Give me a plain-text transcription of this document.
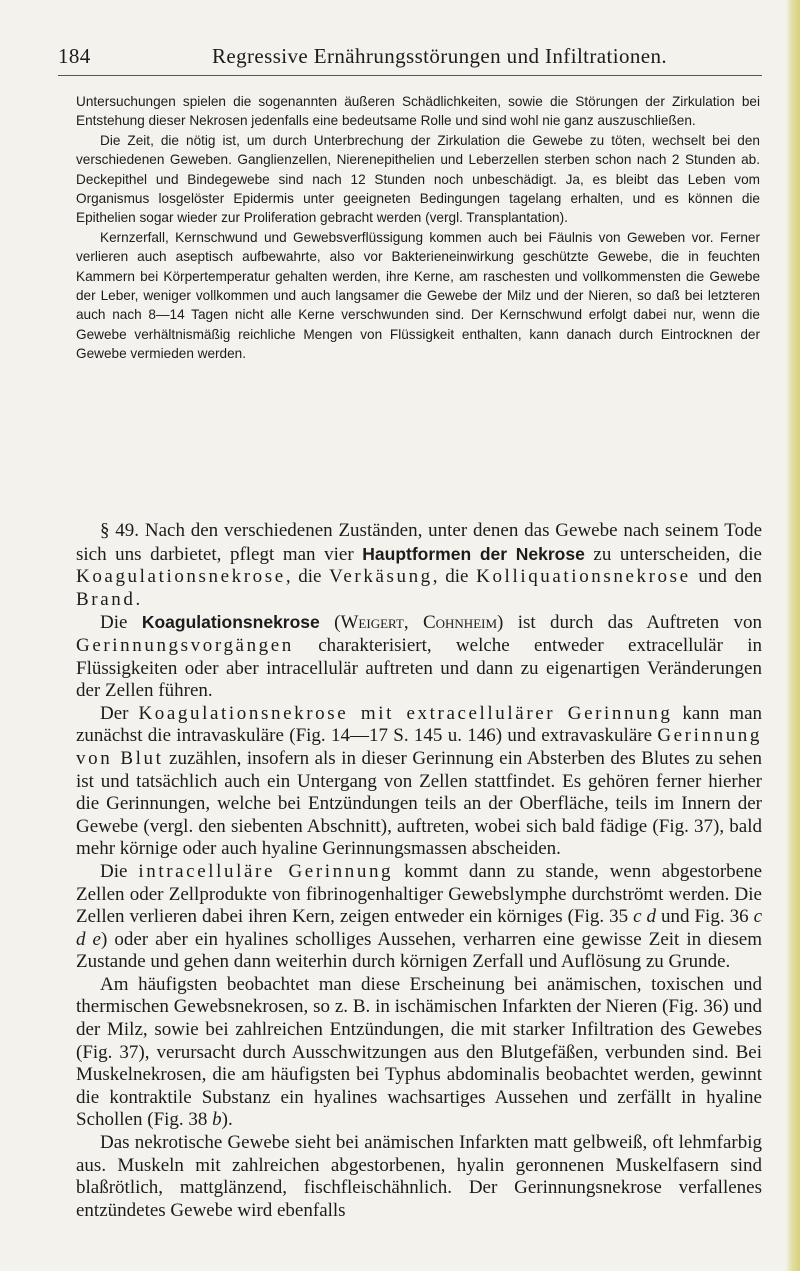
184	Regressive Ernährungsstörungen und Infiltrationen.

Untersuchungen spielen die sogenannten äußeren Schädlichkeiten, sowie die Störungen der Zirkulation bei Entstehung dieser Nekrosen jedenfalls eine bedeutsame Rolle und sind wohl nie ganz auszuschließen.

Die Zeit, die nötig ist, um durch Unterbrechung der Zirkulation die Gewebe zu töten, wechselt bei den verschiedenen Geweben. Ganglienzellen, Nierenepithelien und Leberzellen sterben schon nach 2 Stunden ab. Deckepithel und Bindegewebe sind nach 12 Stunden noch unbeschädigt. Ja, es bleibt das Leben vom Organismus losgelöster Epidermis unter geeigneten Bedingungen tagelang erhalten, und es können die Epithelien sogar wieder zur Proliferation gebracht werden (vergl. Transplantation).

Kernzerfall, Kernschwund und Gewebsverflüssigung kommen auch bei Fäulnis von Geweben vor. Ferner verlieren auch aseptisch aufbewahrte, also vor Bakterieneinwirkung geschützte Gewebe, die in feuchten Kammern bei Körpertemperatur gehalten werden, ihre Kerne, am raschesten und vollkommensten die Gewebe der Leber, weniger vollkommen und auch langsamer die Gewebe der Milz und der Nieren, so daß bei letzteren auch nach 8—14 Tagen nicht alle Kerne verschwunden sind. Der Kernschwund erfolgt dabei nur, wenn die Gewebe verhältnismäßig reichliche Mengen von Flüssigkeit enthalten, kann danach durch Eintrocknen der Gewebe vermieden werden.

§ 49. Nach den verschiedenen Zuständen, unter denen das Gewebe nach seinem Tode sich uns darbietet, pflegt man vier Hauptformen der Nekrose zu unterscheiden, die Koagulationsnekrose, die Verkäsung, die Kolliquationsnekrose und den Brand.

Die Koagulationsnekrose (Weigert, Cohnheim) ist durch das Auftreten von Gerinnungsvorgängen charakterisiert, welche entweder extracellulär in Flüssigkeiten oder aber intracellulär auftreten und dann zu eigenartigen Veränderungen der Zellen führen.

Der Koagulationsnekrose mit extracellulärer Gerinnung kann man zunächst die intravaskuläre (Fig. 14—17 S. 145 u. 146) und extravaskuläre Gerinnung von Blut zuzählen, insofern als in dieser Gerinnung ein Absterben des Blutes zu sehen ist und tatsächlich auch ein Untergang von Zellen stattfindet. Es gehören ferner hierher die Gerinnungen, welche bei Entzündungen teils an der Oberfläche, teils im Innern der Gewebe (vergl. den siebenten Abschnitt), auftreten, wobei sich bald fädige (Fig. 37), bald mehr körnige oder auch hyaline Gerinnungsmassen abscheiden.

Die intracelluläre Gerinnung kommt dann zu stande, wenn abgestorbene Zellen oder Zellprodukte von fibrinogenhaltiger Gewebslymphe durchströmt werden. Die Zellen verlieren dabei ihren Kern, zeigen entweder ein körniges (Fig. 35 c d und Fig. 36 c d e) oder aber ein hyalines scholliges Aussehen, verharren eine gewisse Zeit in diesem Zustande und gehen dann weiterhin durch körnigen Zerfall und Auflösung zu Grunde.

Am häufigsten beobachtet man diese Erscheinung bei anämischen, toxischen und thermischen Gewebsnekrosen, so z. B. in ischämischen Infarkten der Nieren (Fig. 36) und der Milz, sowie bei zahlreichen Entzündungen, die mit starker Infiltration des Gewebes (Fig. 37), verursacht durch Ausschwitzungen aus den Blutgefäßen, verbunden sind. Bei Muskelnekrosen, die am häufigsten bei Typhus abdominalis beobachtet werden, gewinnt die kontraktile Substanz ein hyalines wachsartiges Aussehen und zerfällt in hyaline Schollen (Fig. 38 b).

Das nekrotische Gewebe sieht bei anämischen Infarkten matt gelbweiß, oft lehmfarbig aus. Muskeln mit zahlreichen abgestorbenen, hyalin geronnenen Muskelfasern sind blaßrötlich, mattglänzend, fischfleischähnlich. Der Gerinnungsnekrose verfallenes entzündetes Gewebe wird ebenfalls
